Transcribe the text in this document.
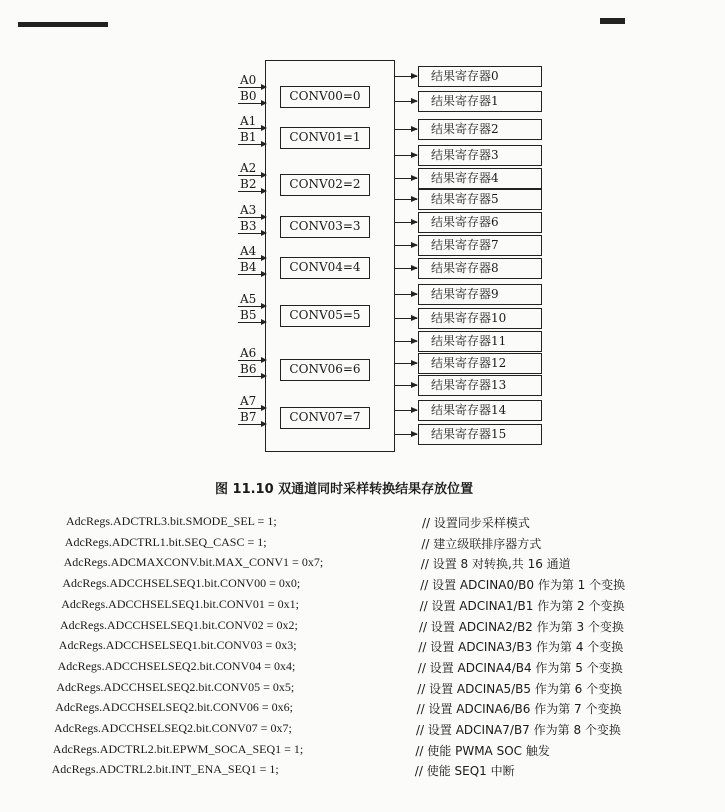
CONV00=0
A0
B0
CONV01=1
A1
B1
CONV02=2
A2
B2
CONV03=3
A3
B3
CONV04=4
A4
B4
CONV05=5
A5
B5
CONV06=6
A6
B6
CONV07=7
A7
B7
结果寄存器0
结果寄存器1
结果寄存器2
结果寄存器3
结果寄存器4
结果寄存器5
结果寄存器6
结果寄存器7
结果寄存器8
结果寄存器9
结果寄存器10
结果寄存器11
结果寄存器12
结果寄存器13
结果寄存器14
结果寄存器15
图 11.10 双通道同时采样转换结果存放位置
AdcRegs.ADCTRL3.bit.SMODE_SEL = 1;	// 设置同步采样模式
AdcRegs.ADCTRL1.bit.SEQ_CASC = 1;	// 建立级联排序器方式
AdcRegs.ADCMAXCONV.bit.MAX_CONV1 = 0x7;	// 设置 8 对转换,共 16 通道
AdcRegs.ADCCHSELSEQ1.bit.CONV00 = 0x0;	// 设置 ADCINA0/B0 作为第 1 个变换
AdcRegs.ADCCHSELSEQ1.bit.CONV01 = 0x1;	// 设置 ADCINA1/B1 作为第 2 个变换
AdcRegs.ADCCHSELSEQ1.bit.CONV02 = 0x2;	// 设置 ADCINA2/B2 作为第 3 个变换
AdcRegs.ADCCHSELSEQ1.bit.CONV03 = 0x3;	// 设置 ADCINA3/B3 作为第 4 个变换
AdcRegs.ADCCHSELSEQ2.bit.CONV04 = 0x4;	// 设置 ADCINA4/B4 作为第 5 个变换
AdcRegs.ADCCHSELSEQ2.bit.CONV05 = 0x5;	// 设置 ADCINA5/B5 作为第 6 个变换
AdcRegs.ADCCHSELSEQ2.bit.CONV06 = 0x6;	// 设置 ADCINA6/B6 作为第 7 个变换
AdcRegs.ADCCHSELSEQ2.bit.CONV07 = 0x7;	// 设置 ADCINA7/B7 作为第 8 个变换
AdcRegs.ADCTRL2.bit.EPWM_SOCA_SEQ1 = 1;	// 使能 PWMA SOC 触发
AdcRegs.ADCTRL2.bit.INT_ENA_SEQ1 = 1;	// 使能 SEQ1 中断
